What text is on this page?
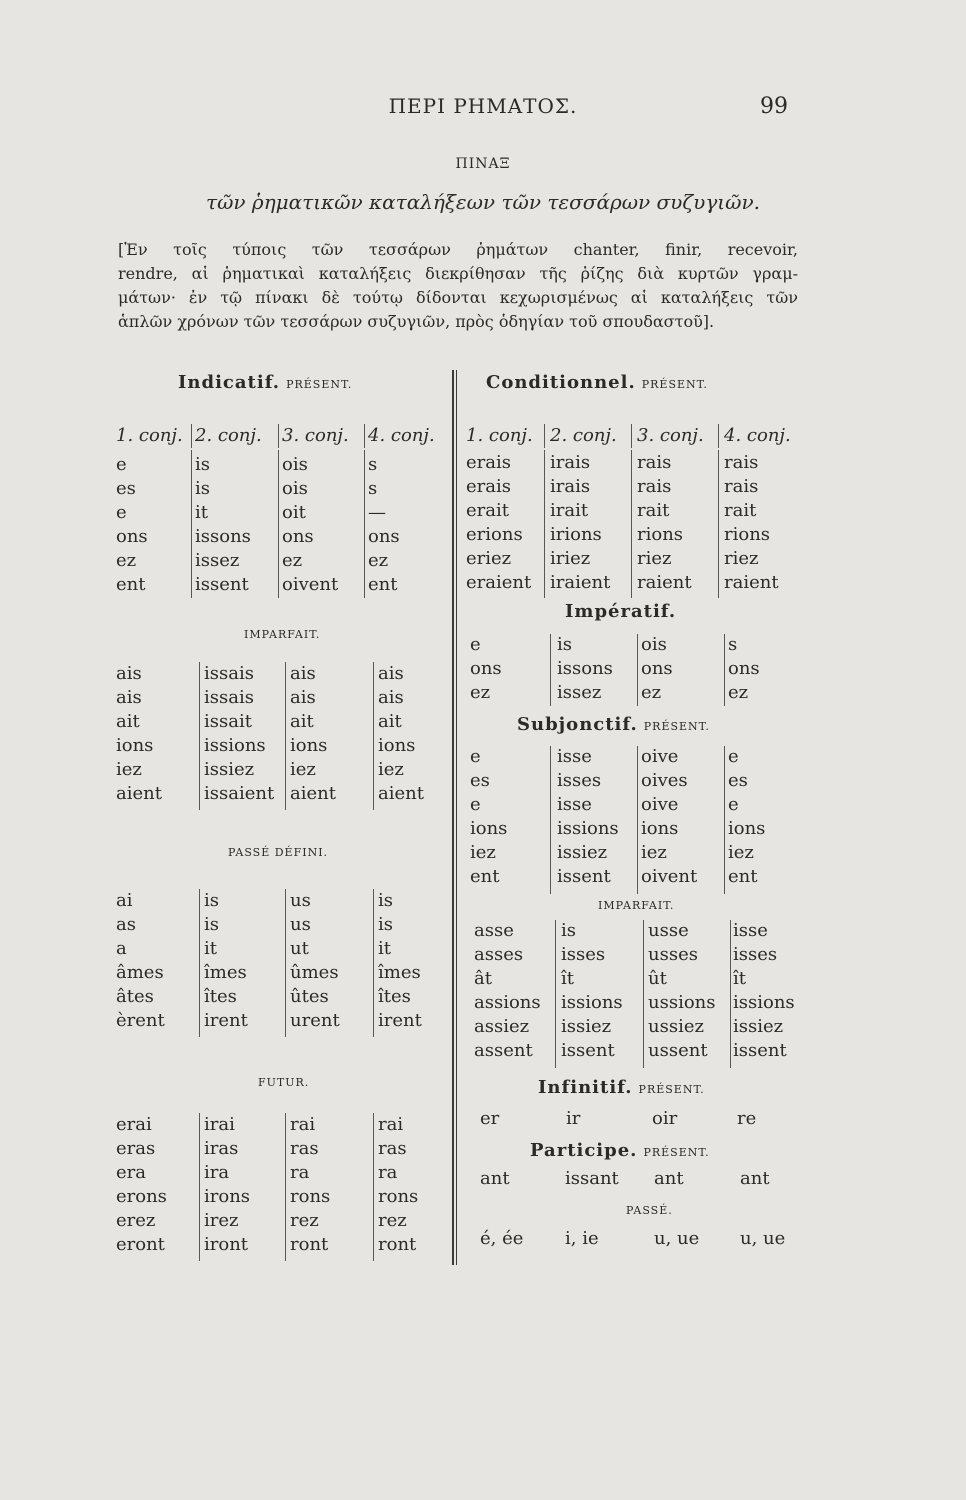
ΠΕΡΙ ΡΗΜΑΤΟΣ.	99
ΠΙΝΑΞ
τῶν ῥηματικῶν καταλήξεων τῶν τεσσάρων συζυγιῶν.
[Ἐν τοῖς τύποις τῶν τεσσάρων ῥημάτων chanter, finir, recevoir,
rendre, αἱ ῥηματικαὶ καταλήξεις διεκρίθησαν τῆς ῥίζης διὰ κυρτῶν γραμ-
μάτων· ἐν τῷ πίνακι δὲ τούτῳ δίδονται κεχωρισμένως αἱ καταλήξεις τῶν
ἁπλῶν χρόνων τῶν τεσσάρων συζυγιῶν, πρὸς ὁδηγίαν τοῦ σπουδαστοῦ].
Indicatif. PRÉSENT.	Conditionnel. PRÉSENT.
1. conj. 2. conj. 3. conj. 4. conj.
e	is	ois	s
es	is	ois	s
e	it	oit	—
ons	issons ons	ons
ez	issez ez	ez
ent	issent oivent ent
ais	issais ais	ais
ais	issais ais	ais
ait	issait ait	ait
ions	issions ions	ions
iez	issiez iez	iez
aient issaient aient aient
ai	is	us	is
as	is	us	is
a	it	ut	it
âmes îmes ûmes îmes
âtes	îtes	ûtes	îtes
èrent irent urent irent
erai	irai	rai	rai
eras	iras	ras	ras
era	ira	ra	ra
erons irons rons	rons
erez	irez	rez	rez
eront iront ront	ront
1. conj. 2. conj. 3. conj. 4. conj.
erais irais	rais	rais
erais irais	rais	rais
erait irait	rait	rait
erions irions rions rions
eriez iriez	riez	riez
eraient iraient raient raient
e	is	ois	s
ons	issons ons	ons
ez	issez ez	ez
e	isse	oive	e
es	isses oives es
e	isse	oive	e
ions	issions ions	ions
iez	issiez iez	iez
ent	issent oivent ent
asse	is	usse isse
asses isses usses isses
ât	ît	ût	ît
assions issions ussions issions
assiez issiez ussiez issiez
assent issent ussent issent
er	ir	oir	re
ant	issant ant	ant
é, ée i, ie	u, ue u, ue
IMPARFAIT.
PASSÉ DÉFINI.
FUTUR.
Impératif.
Subjonctif. PRÉSENT.
IMPARFAIT.
Infinitif. PRÉSENT.
Participe. PRÉSENT.
PASSÉ.
